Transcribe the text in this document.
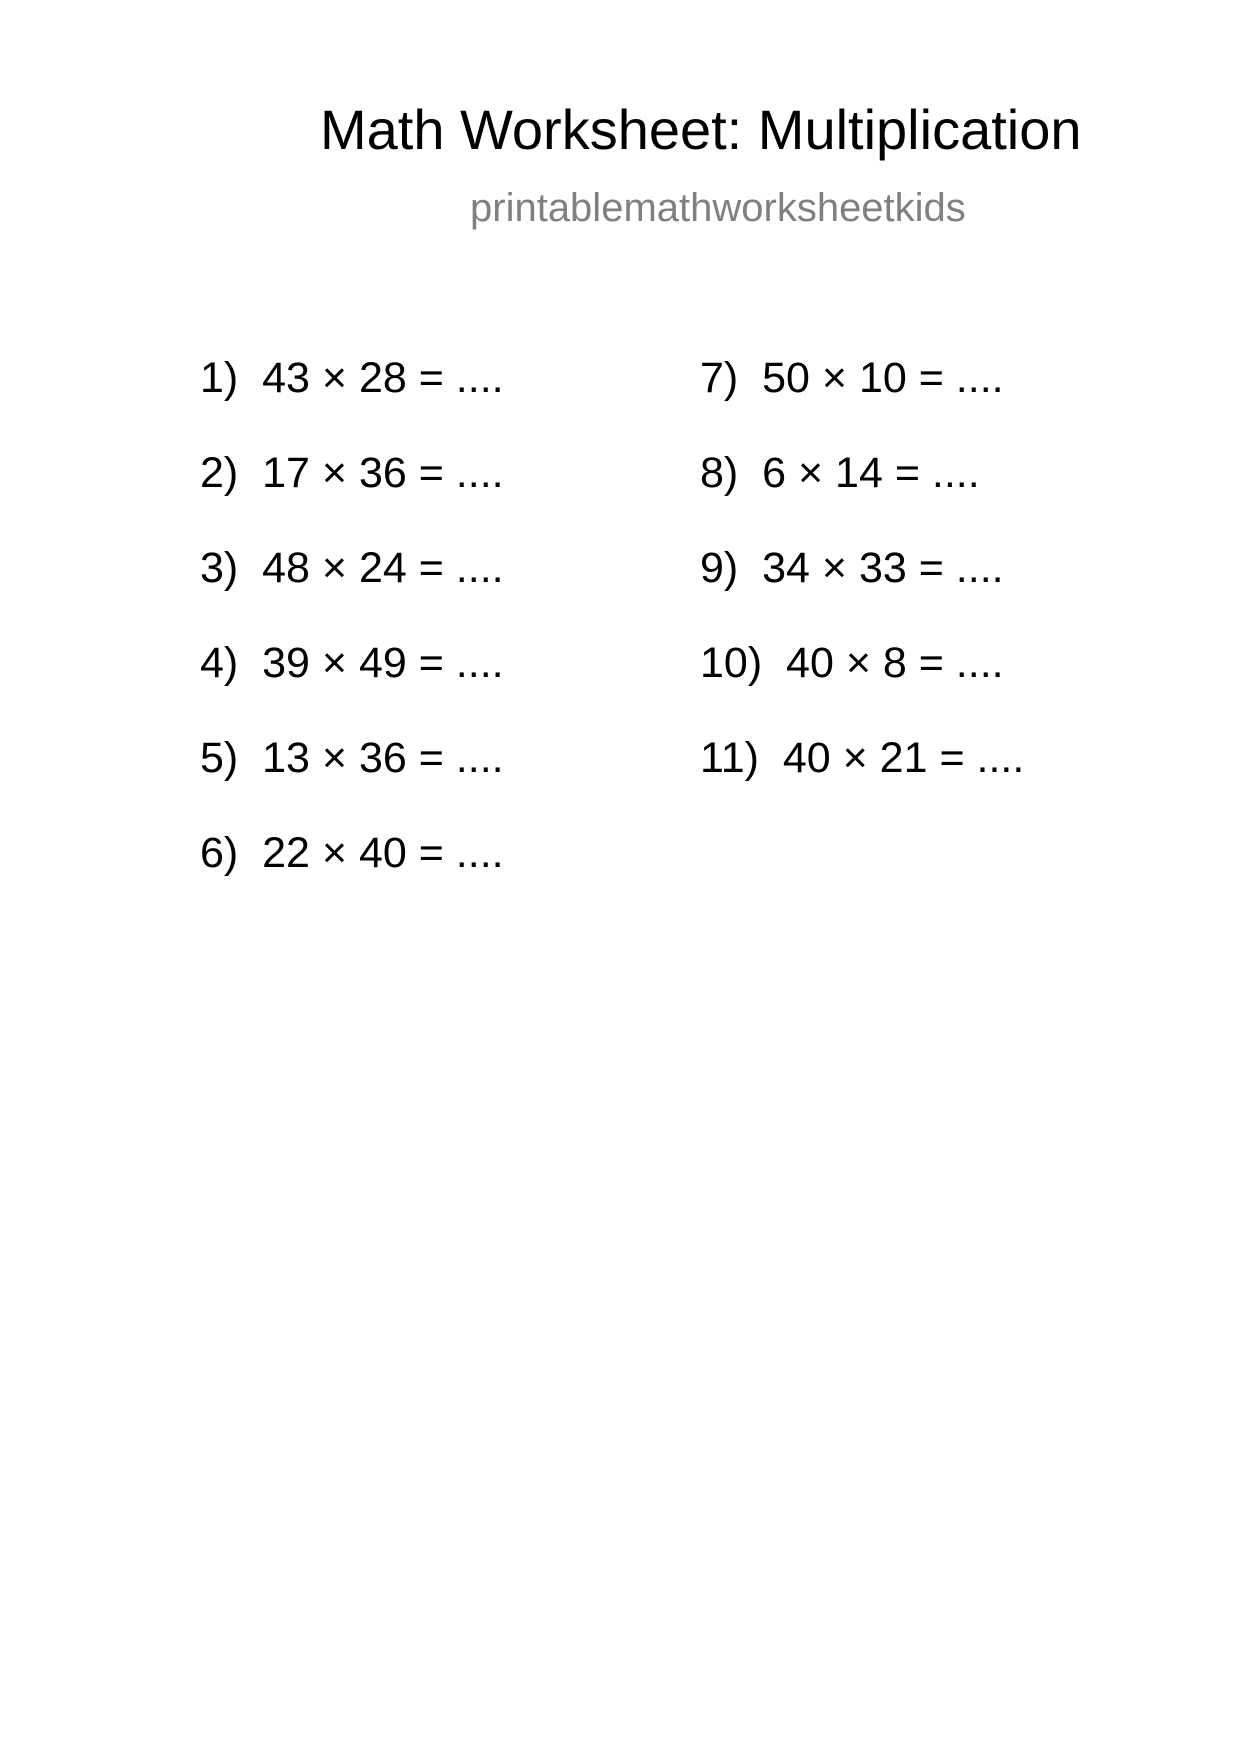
Math Worksheet: Multiplication
printablemathworksheetkids
1)  43 × 28 = ....
2)  17 × 36 = ....
3)  48 × 24 = ....
4)  39 × 49 = ....
5)  13 × 36 = ....
6)  22 × 40 = ....
7)  50 × 10 = ....
8)  6 × 14 = ....
9)  34 × 33 = ....
10)  40 × 8 = ....
11)  40 × 21 = ....
